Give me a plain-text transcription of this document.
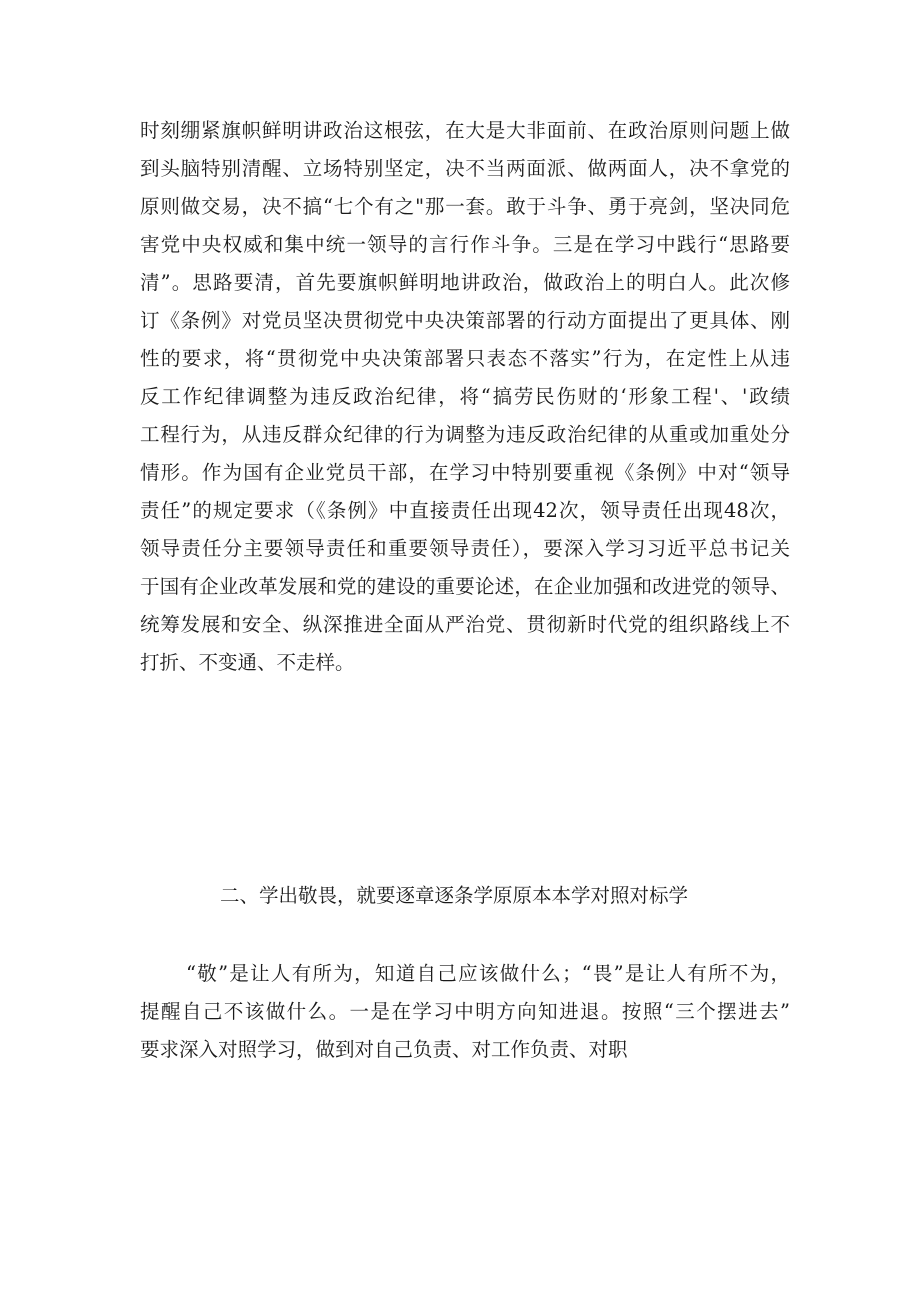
时刻绷紧旗帜鲜明讲政治这根弦，在大是大非面前、在政治原则问题上做
到头脑特别清醒、立场特别坚定，决不当两面派、做两面人，决不拿党的
原则做交易，决不搞“七个有之"那一套。敢于斗争、勇于亮剑，坚决同危
害党中央权威和集中统一领导的言行作斗争。三是在学习中践行“思路要
清”。思路要清，首先要旗帜鲜明地讲政治，做政治上的明白人。此次修
订《条例》对党员坚决贯彻党中央决策部署的行动方面提出了更具体、刚
性的要求，将“贯彻党中央决策部署只表态不落实”行为，在定性上从违
反工作纪律调整为违反政治纪律，将“搞劳民伤财的‘形象工程'、'政绩
工程行为，从违反群众纪律的行为调整为违反政治纪律的从重或加重处分
情形。作为国有企业党员干部，在学习中特别要重视《条例》中对“领导
责任”的规定要求（《条例》中直接责任出现42次，领导责任出现48次，
领导责任分主要领导责任和重要领导责任），要深入学习习近平总书记关
于国有企业改革发展和党的建设的重要论述，在企业加强和改进党的领导、
统筹发展和安全、纵深推进全面从严治党、贯彻新时代党的组织路线上不
打折、不变通、不走样。
二、学出敬畏，就要逐章逐条学原原本本学对照对标学
“敬”是让人有所为，知道自己应该做什么；“畏”是让人有所不为，
提醒自己不该做什么。一是在学习中明方向知进退。按照“三个摆进去”
要求深入对照学习，做到对自己负责、对工作负责、对职
